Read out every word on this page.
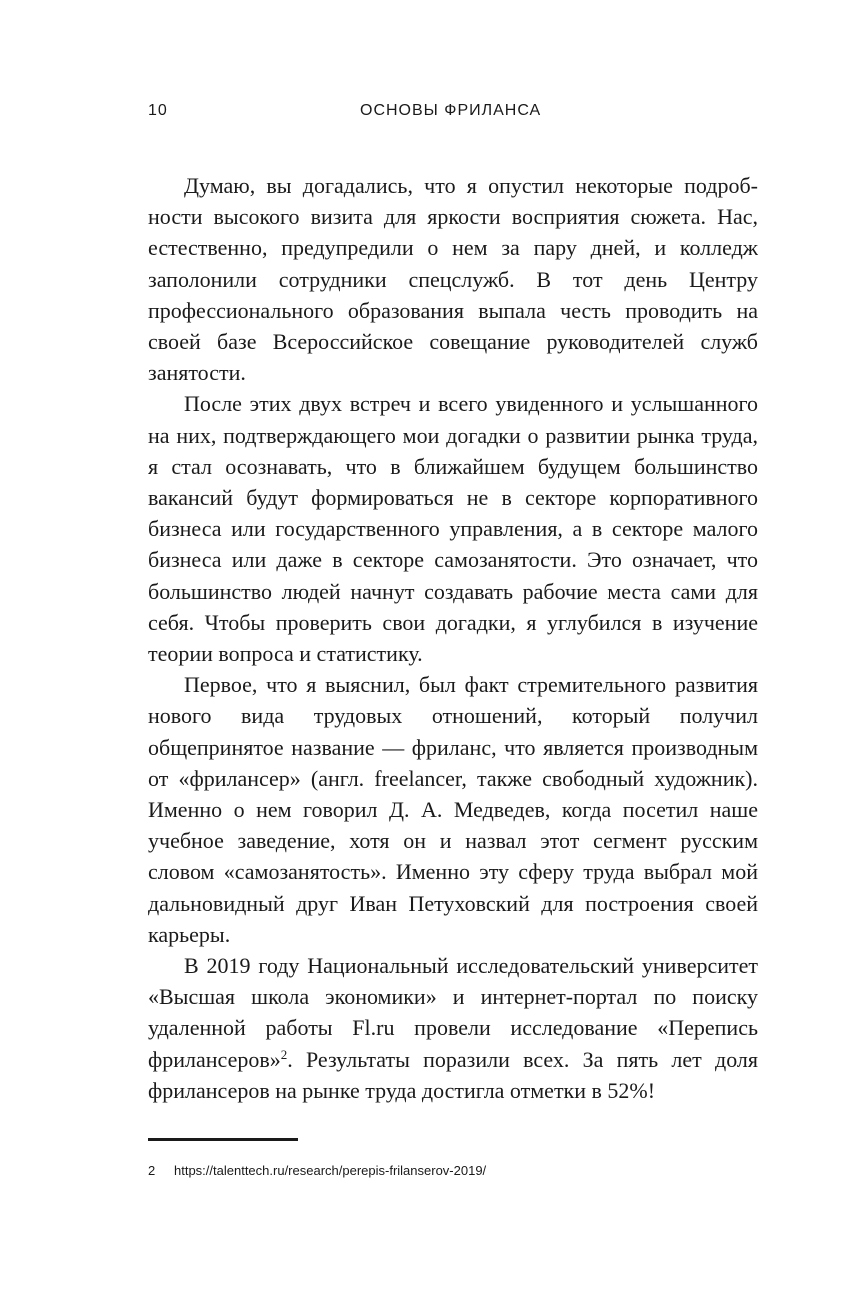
10	ОСНОВЫ ФРИЛАНСА

Думаю, вы догадались, что я опустил некоторые подробности высокого визита для яркости восприятия сюжета. Нас, естественно, предупредили о нем за пару дней, и колледж заполонили сотрудники спецслужб. В тот день Центру профессионального образования выпала честь проводить на своей базе Всероссийское совещание руководителей служб занятости.

После этих двух встреч и всего увиденного и услышанного на них, подтверждающего мои догадки о развитии рынка труда, я стал осознавать, что в ближайшем будущем большинство вакансий будут формироваться не в секторе корпоративного бизнеса или государственного управления, а в секторе малого бизнеса или даже в секторе самозанятости. Это означает, что большинство людей начнут создавать рабочие места сами для себя. Чтобы проверить свои догадки, я углубился в изучение теории вопроса и статистику.

Первое, что я выяснил, был факт стремительного развития нового вида трудовых отношений, который получил общепринятое название — фриланс, что является производным от «фрилансер» (англ. freelancer, также свободный художник). Именно о нем говорил Д. А. Медведев, когда посетил наше учебное заведение, хотя он и назвал этот сегмент русским словом «самозанятость». Именно эту сферу труда выбрал мой дальновидный друг Иван Петуховский для построения своей карьеры.

В 2019 году Национальный исследовательский университет «Высшая школа экономики» и интернет-портал по поиску удаленной работы Fl.ru провели исследование «Перепись фрилансеров»$^2$. Результаты поразили всех. За пять лет доля фрилансеров на рынке труда достигла отметки в 52%!

2 https://talenttech.ru/research/perepis-frilanserov-2019/
